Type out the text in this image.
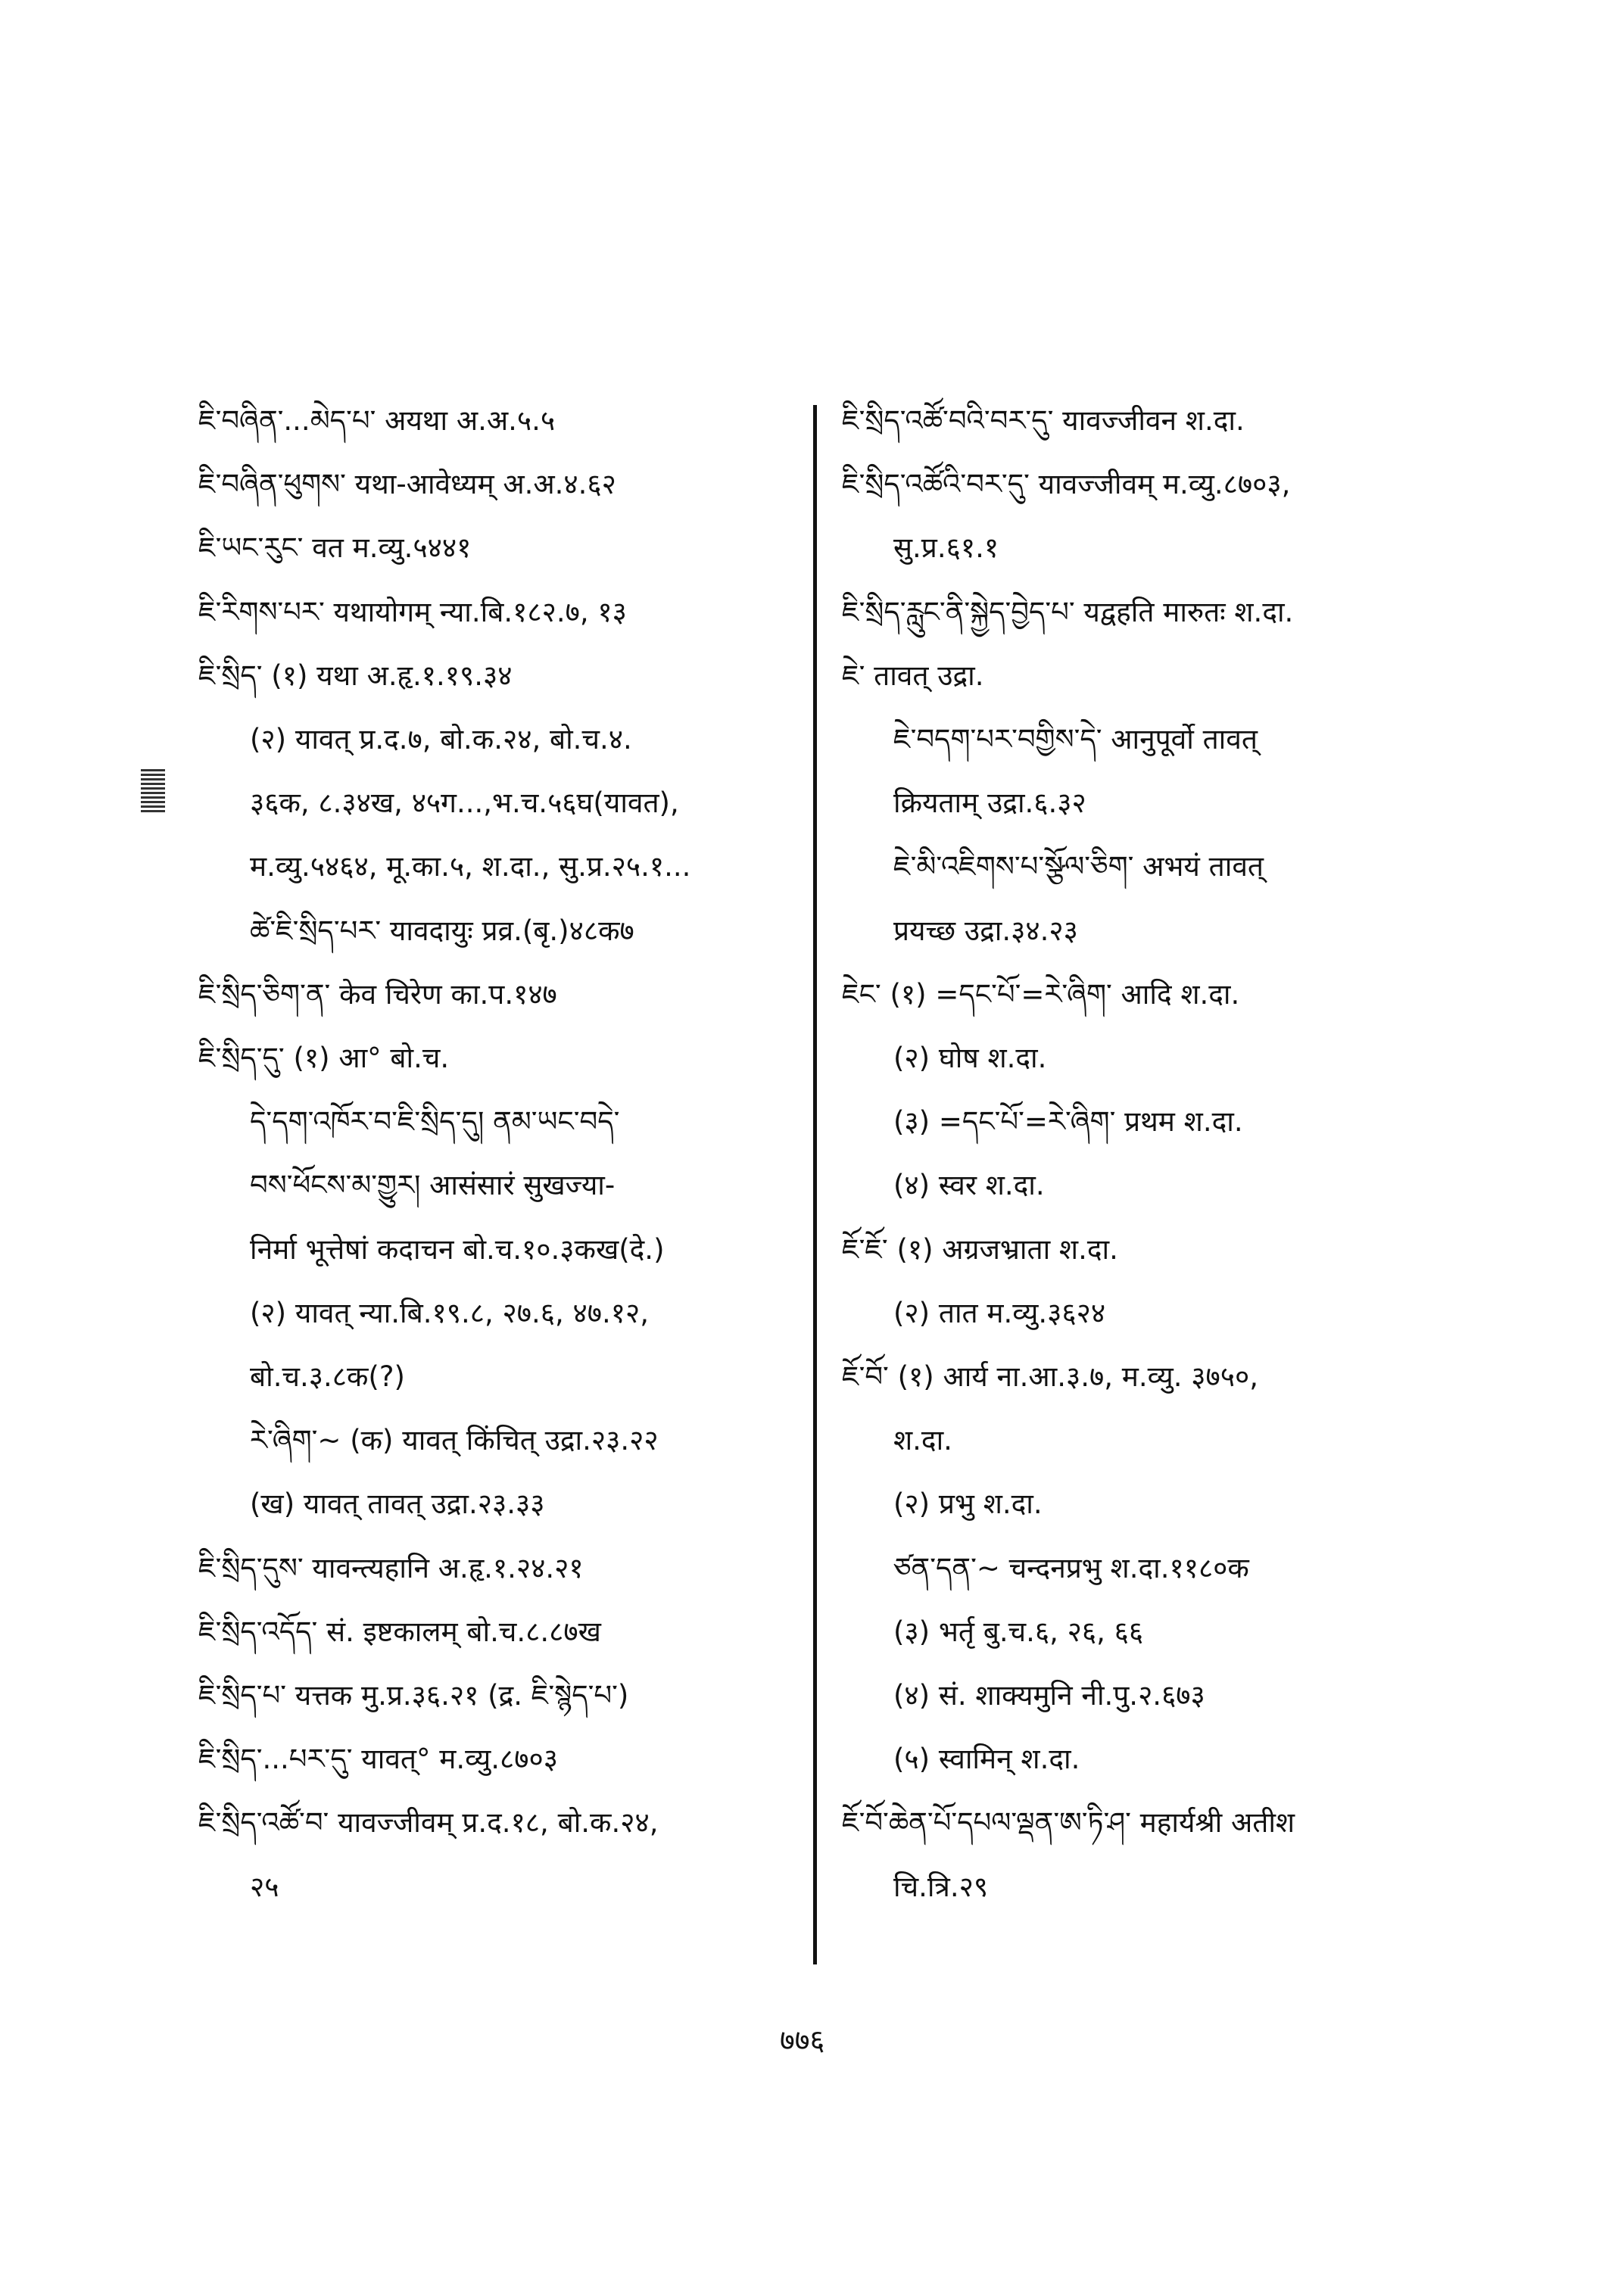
ཇི་བཞིན་...མེད་པ་ अयथा अ.अ.५.५
ཇི་བཞིན་ཕུགས་ यथा-आवेध्यम् अ.अ.४.६२
ཇི་ཡང་རུང་ वत म.व्यु.५४४१
ཇི་རིགས་པར་ यथायोगम् न्या.बि.१८२.७, १३
ཇི་སྲིད་ (१) यथा अ.हृ.१.१९.३४
(२) यावत् प्र.द.७, बो.क.२४, बो.च.४.
३६क, ८.३४ख, ४५ग...,भ.च.५६घ(यावत),
म.व्यु.५४६४, मू.का.५, श.दा., सु.प्र.२५.१...
ཚེ་ཇི་སྲིད་པར་ यावदायुः प्रव्र.(बृ.)४८क७
ཇི་སྲིད་ཅིག་ན་ केव चिरेण का.प.१४७
ཇི་སྲིད་དུ་ (१) आ° बो.च.
དེ་དག་འཁོར་བ་ཇི་སྲིད་དུ། ནམ་ཡང་བདེ་
བས་ཕོངས་མ་གྱུར། आसंसारं सुखज्या-
निर्मा भूत्तेषां कदाचन बो.च.१०.३कख(दे.)
(२) यावत् न्या.बि.१९.८, २७.६, ४७.१२,
बो.च.३.८क(?)
རེ་ཞིག་~ (क) यावत् किंचित् उद्रा.२३.२२
(ख) यावत् तावत् उद्रा.२३.३३
ཇི་སྲིད་དུས་ यावन्त्यहानि अ.हृ.१.२४.२१
ཇི་སྲིད་འདོད་ सं. इष्टकालम् बो.च.८.८७ख
ཇི་སྲིད་པ་ यत्तक मु.प्र.३६.२१ (द्र. ཇི་སྙེད་པ་)
ཇི་སྲིད་...པར་དུ་ यावत्° म.व्यु.८७०३
ཇི་སྲིད་འཚོ་བ་ यावज्जीवम् प्र.द.१८, बो.क.२४,
२५
ཇི་སྲིད་འཚོ་བའི་བར་དུ་ यावज्जीवन श.दा.
ཇི་སྲིད་འཚོའི་བར་དུ་ यावज्जीवम् म.व्यु.८७०३,
सु.प्र.६१.१
ཇི་སྲིད་རླུང་ནི་སྐྱེད་བྱེད་པ་ यद्वहति मारुतः श.दा.
ཇེ་ तावत् उद्रा.
ཇེ་བདག་པར་བགྱིས་དེ་ आनुपूर्वो तावत्
क्रियताम् उद्रा.६.३२
ཇེ་མི་འཇིགས་པ་སྩོལ་ཅིག་ अभयं तावत्
प्रयच्छ उद्रा.३४.२३
ཇེང་ (१) =དང་པོ་=རེ་ཞིག་ आदि श.दा.
(२) घोष श.दा.
(३) =དང་པོ་=རེ་ཞིག་ प्रथम श.दा.
(४) स्वर श.दा.
ཇོ་ཇོ་ (१) अग्रजभ्राता श.दा.
(२) तात म.व्यु.३६२४
ཇོ་བོ་ (१) आर्य ना.आ.३.७, म.व्यु. ३७५०,
श.दा.
(२) प्रभु श.दा.
ཙན་དན་~ चन्दनप्रभु श.दा.११८०क
(३) भर्तृ बु.च.६, २६, ६६
(४) सं. शाक्यमुनि नी.पु.२.६७३
(५) स्वामिन् श.दा.
ཇོ་བོ་ཆེན་པོ་དཔལ་ལྡན་ཨ་ཏི་ཤ་ महार्यश्री अतीश
चि.त्रि.२९
७७६
